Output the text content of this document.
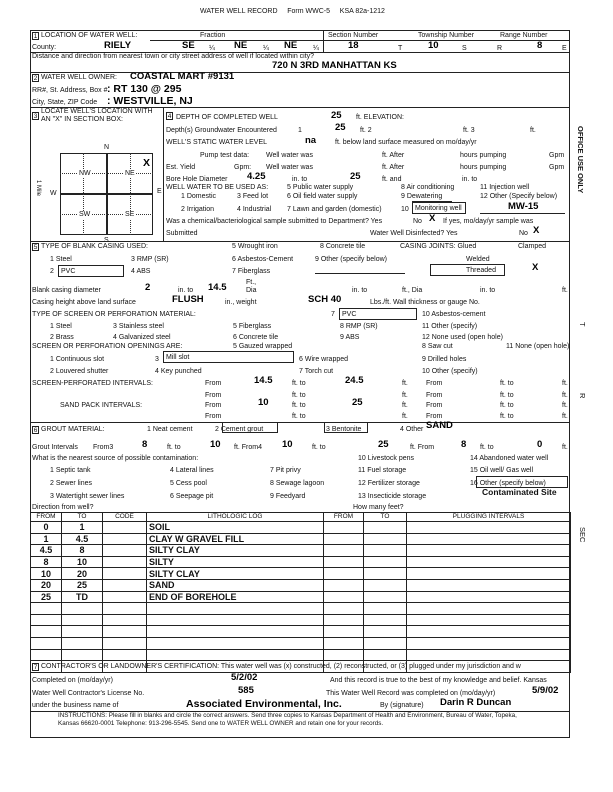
WATER WELL RECORD Form WWC-5 KSA 82a-1212
1 LOCATION OF WATER WELL:	Fraction	Section Number	Township Number	Range Number
County:	RIELY	SE ¼ NE ¼ NE ¼	18	T	10	S	R	8	E
Distance and direction from nearest town or city street address of well if located within city?
720 N 3RD MANHATTAN KS
2 WATER WELL OWNER: COASTAL MART #9131
RR#, St. Address, Box # : RT 130 @ 295
City, State, ZIP Code : WESTVILLE, NJ
3
LOCATE WELL'S LOCATION WITH
AN "X" IN SECTION BOX:
N
S
W	E
1 Mile
NW	NE
SW	SE
X
4 DEPTH OF COMPLETED WELL	25 ft. ELEVATION:
Depth(s) Groundwater Encountered	1	25 ft. 2	ft. 3	ft.
WELL'S STATIC WATER LEVEL	na	ft. below land surface measured on mo/day/yr
Pump test data: Well water was	ft. After	hours pumping	Gpm
Est. Yield	Gpm: Well water was	ft. After	hours pumping	Gpm
Bore Hole Diameter 4.25	in. to	25	ft. and	in. to
WELL WATER TO BE USED AS:	5 Public water supply	8 Air conditioning	11 Injection well
1 Domestic	3 Feed lot	6 Oil field water supply	9 Dewatering	12 Other (Specify below)
2 Irrigation	4 Industrial 7 Lawn and garden (domestic)	10 Monitoring well	MW-15
Was a chemical/bacteriological sample submitted to Department? Yes	No X If yes, mo/day/yr sample was
Submitted	Water Well Disinfected? Yes	No X
5 TYPE OF BLANK CASING USED:	5 Wrought iron	8 Concrete tile	CASING JOINTS: Glued	Clamped
1 Steel	3 RMP (SR)	6 Asbestos-Cement	9 Other (specify below)	Welded
2 PVC	4 ABS	7 Fiberglass	Threaded	X
Blank casing diameter	2	in. to 14.5	Ft.,
Dia	in. to	ft., Dia	in. to	ft.
Casing height above land surface	FLUSH	in., weight	SCH 40	Lbs./ft. Wall thickness or gauge No.
TYPE OF SCREEN OR PERFORATION MATERIAL:	7 PVC	10 Asbestos-cement
1 Steel	3 Stainless steel	5 Fiberglass	8 RMP (SR)	11 Other (specify)
2 Brass	4 Galvanized steel	6 Concrete tile	9 ABS	12 None used (open hole)
SCREEN OR PERFORATION OPENINGS ARE:	5 Gauzed wrapped	8 Saw cut	11 None (open hole)
1 Continuous slot	3 Mill slot	6 Wire wrapped	9 Drilled holes
2 Louvered shutter	4 Key punched	7 Torch cut	10 Other (specify)
SCREEN-PERFORATED INTERVALS:	From	14.5	ft. to	24.5	ft.	From	ft. to	ft.
From	ft. to	ft.	From	ft. to	ft.
SAND PACK INTERVALS:	From	10	ft. to	25	ft.	From	ft. to	ft.
From	ft. to	ft.	From	ft. to	ft.
6 GROUT MATERIAL:	1 Neat cement	2 Cement grout	3 Bentonite	4 Other SAND
Grout Intervals From3	8	ft. to	10 ft. From4 10	ft. to	25	ft. From	8 ft. to	0	ft.
What is the nearest source of possible contamination:
1 Septic tank	4 Lateral lines	7 Pit privy
10 Livestock pens	14 Abandoned water well
2 Sewer lines	5 Cess pool	8 Sewage lagoon
11 Fuel storage	15 Oil well/ Gas well
3 Watertight sewer lines	6 Seepage pit	9 Feedyard
12 Fertilizer storage	16 Other (specify below)
13 Insecticide storage	Contaminated Site
Direction from well?	How many feet?
FROM	TO	CODE	LITHOLOGIC LOG	FROM	TO	PLUGGING INTERVALS
0	1		SOIL			
1	4.5		CLAY W GRAVEL FILL			
4.5	8		SILTY CLAY			
8	10		SILTY			
10	20		SILTY CLAY			
20	25		SAND			
25	TD		END OF BOREHOLE			

7 CONTRACTOR'S OR LANDOWNER'S CERTIFICATION: This water well was (x) constructed, (2) reconstructed, or (3) plugged under my jurisdiction and w
Completed on (mo/day/yr)	5/2/02	And this record is true to the best of my knowledge and belief. Kansas
Water Well Contractor's License No.	585	This Water Well Record was completed on (mo/day/yr)	5/9/02
under the business name of	Associated Environmental, Inc.	By (signature) Darin R Duncan
INSTRUCTIONS: Please fill in blanks and circle the correct answers. Send three copies to Kansas Department of Health and Environment, Bureau of Water, Topeka,
Kansas 66620-0001 Telephone: 913-296-5545. Send one to WATER WELL OWNER and retain one for your records.
OFFICE USE ONLY
T
R
SEC
